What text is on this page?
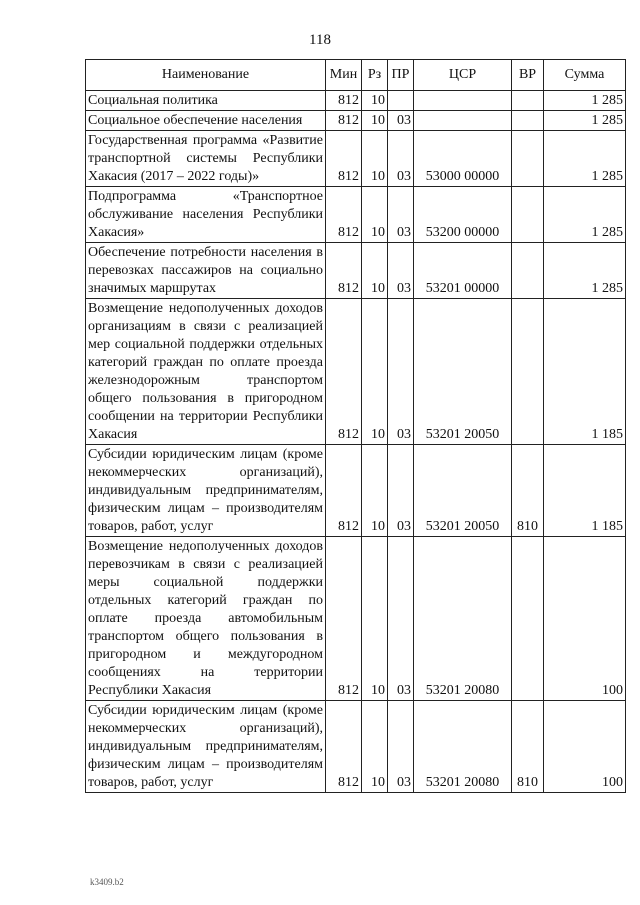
118
Наименование	Мин	Рз	ПР	ЦСР	ВР	Сумма
Социальная политика	812	10				1 285
Социальное обеспечение населения	812	10	03			1 285
Государственная программа «Развитие транспортной системы Республики Хакасия (2017 – 2022 годы)»	812	10	03	53000 00000		1 285
Подпрограмма «Транспортное обслуживание населения Республики Хакасия»	812	10	03	53200 00000		1 285
Обеспечение потребности населения в перевозках пассажиров на социально значимых маршрутах	812	10	03	53201 00000		1 285
Возмещение недополученных доходов организациям в связи с реализацией мер социальной поддержки отдельных категорий граждан по оплате проезда железнодорожным транспортом общего пользования в пригородном сообщении на территории Республики Хакасия	812	10	03	53201 20050		1 185
Субсидии юридическим лицам (кроме некоммерческих организаций), индивидуальным предпринимателям, физическим лицам – производителям товаров, работ, услуг	812	10	03	53201 20050	810	1 185
Возмещение недополученных доходов перевозчикам в связи с реализацией меры социальной поддержки отдельных категорий граждан по оплате проезда автомобильным транспортом общего пользования в пригородном и междугородном сообщениях на территории Республики Хакасия	812	10	03	53201 20080		100
Субсидии юридическим лицам (кроме некоммерческих организаций), индивидуальным предпринимателям, физическим лицам – производителям товаров, работ, услуг	812	10	03	53201 20080	810	100
k3409.b2
